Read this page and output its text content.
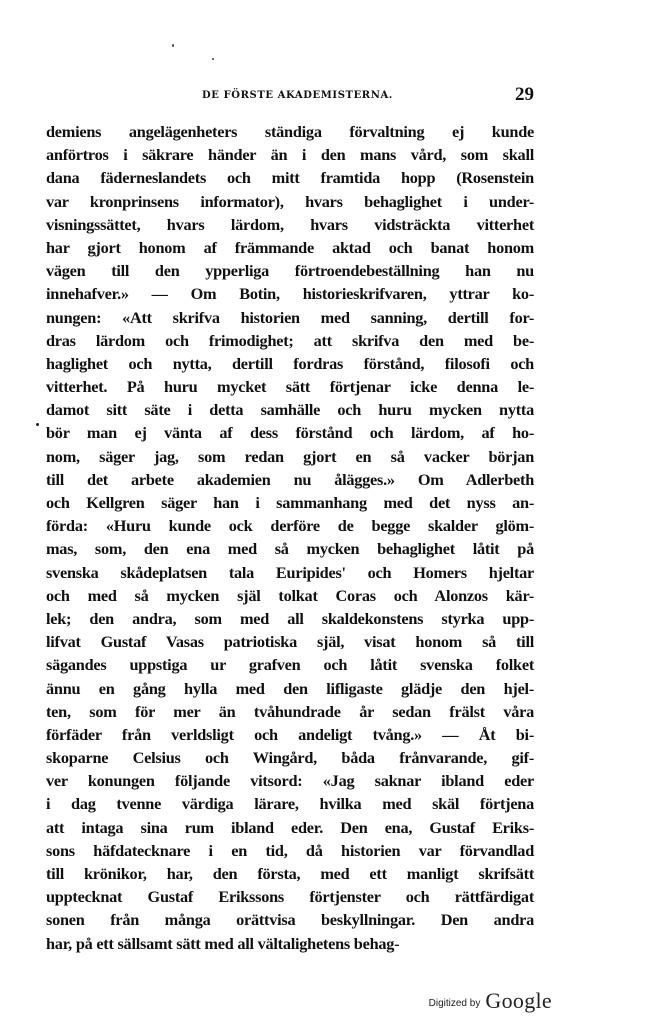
DE FÖRSTE AKADEMISTERNA.	29
demiens angelägenheters ständiga förvaltning ej kunde
anförtros i säkrare händer än i den mans vård, som skall
dana fäderneslandets och mitt framtida hopp (Rosenstein
var kronprinsens informator), hvars behaglighet i under-
visningssättet, hvars lärdom, hvars vidsträckta vitterhet
har gjort honom af främmande aktad och banat honom
vägen till den ypperliga förtroendebeställning han nu
innehafver.» — Om Botin, historieskrifvaren, yttrar ko-
nungen: «Att skrifva historien med sanning, dertill for-
dras lärdom och frimodighet; att skrifva den med be-
haglighet och nytta, dertill fordras förstånd, filosofi och
vitterhet. På huru mycket sätt förtjenar icke denna le-
damot sitt säte i detta samhälle och huru mycken nytta
bör man ej vänta af dess förstånd och lärdom, af ho-
nom, säger jag, som redan gjort en så vacker början
till det arbete akademien nu ålägges.» Om Adlerbeth
och Kellgren säger han i sammanhang med det nyss an-
förda: «Huru kunde ock derföre de begge skalder glöm-
mas, som, den ena med så mycken behaglighet låtit på
svenska skådeplatsen tala Euripides' och Homers hjeltar
och med så mycken själ tolkat Coras och Alonzos kär-
lek; den andra, som med all skaldekonstens styrka upp-
lifvat Gustaf Vasas patriotiska själ, visat honom så till
sägandes uppstiga ur grafven och låtit svenska folket
ännu en gång hylla med den lifligaste glädje den hjel-
ten, som för mer än tvåhundrade år sedan frälst våra
förfäder från verldsligt och andeligt tvång.» — Åt bi-
skoparne Celsius och Wingård, båda frånvarande, gif-
ver konungen följande vitsord: «Jag saknar ibland eder
i dag tvenne värdiga lärare, hvilka med skäl förtjena
att intaga sina rum ibland eder. Den ena, Gustaf Eriks-
sons häfdatecknare i en tid, då historien var förvandlad
till krönikor, har, den första, med ett manligt skrifsätt
upptecknat Gustaf Erikssons förtjenster och rättfärdigat
sonen från många orättvisa beskyllningar. Den andra
har, på ett sällsamt sätt med all vältalighetens behag-
Digitized by Google
